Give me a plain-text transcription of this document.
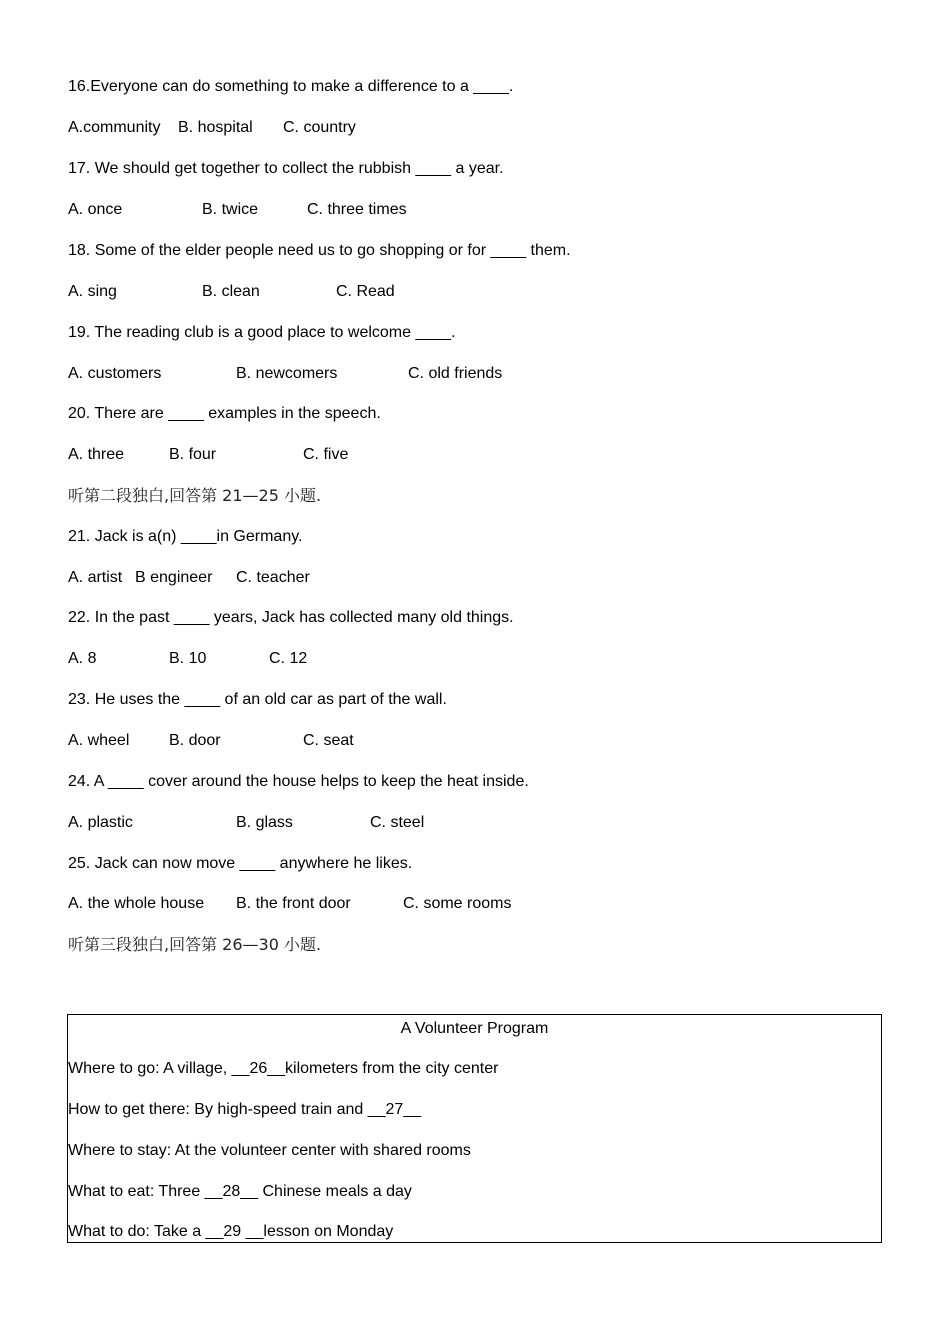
16.Everyone can do something to make a difference to a ____.
A.community B. hospital C. country
17. We should get together to collect the rubbish ____ a year.
A. once	B. twice	C. three times
18. Some of the elder people need us to go shopping or for ____ them.
A. sing	B. clean	C. Read
19. The reading club is a good place to welcome ____.
A. customers	B. newcomers	C. old friends
20. There are ____ examples in the speech.
A. three	B. four	C. five
听第二段独白,回答第 21—25 小题.
21. Jack is a(n) ____in Germany.
A. artist B engineer C. teacher
22. In the past ____ years, Jack has collected many old things.
A. 8	B. 10	C. 12
23. He uses the ____ of an old car as part of the wall.
A. wheel B. door	C. seat
24. A ____ cover around the house helps to keep the heat inside.
A. plastic	B. glass	C. steel
25. Jack can now move ____ anywhere he likes.
A. the whole house B. the front door	C. some rooms
听第三段独白,回答第 26—30 小题.
A Volunteer Program
Where to go: A village, __26__kilometers from the city center
How to get there: By high-speed train and __27__
Where to stay: At the volunteer center with shared rooms
What to eat: Three __28__ Chinese meals a day
What to do: Take a __29 __lesson on Monday
